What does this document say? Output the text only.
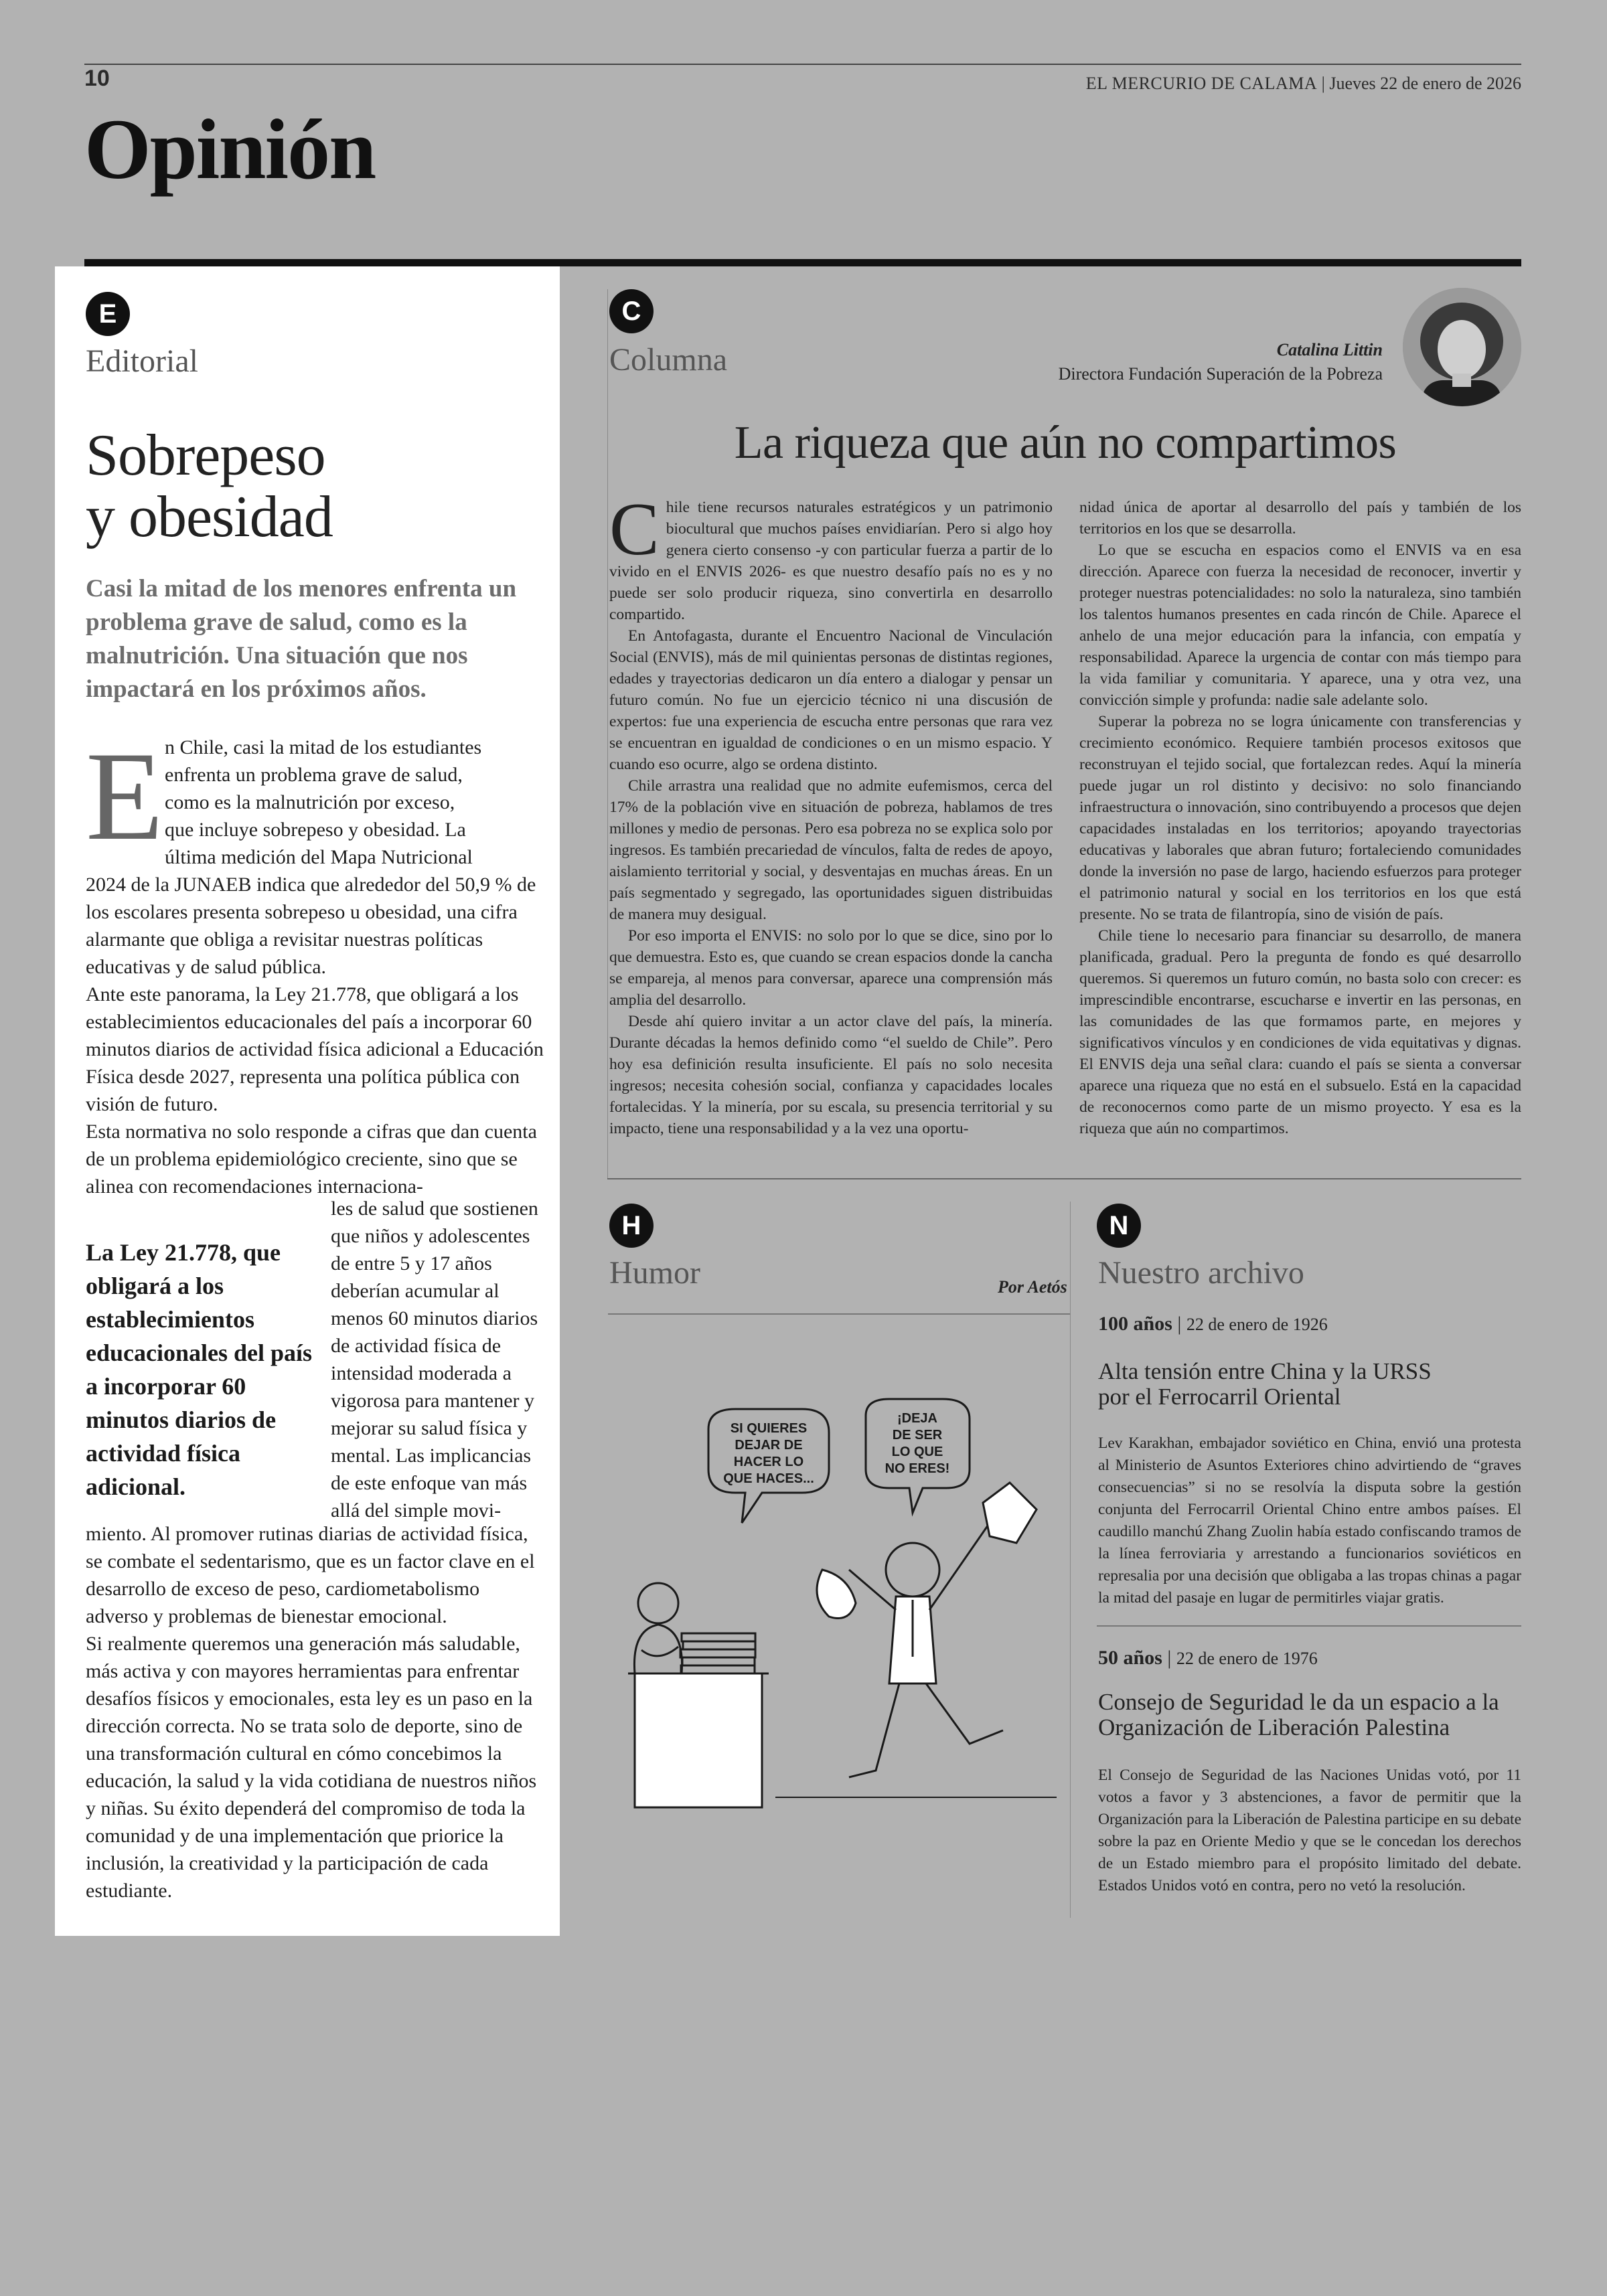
10	EL MERCURIO DE CALAMA | Jueves 22 de enero de 2026
Opinión
E
Editorial
Sobrepeso
y obesidad
Casi la mitad de los menores enfrenta un problema grave de salud, como es la malnutrición. Una situación que nos impactará en los próximos años.
E n Chile, casi la mitad de los estudiantes
enfrenta un problema grave de salud,
como es la malnutrición por exceso,
que incluye sobrepeso y obesidad. La
última medición del Mapa Nutricional

2024 de la JUNAEB indica que alrededor del 50,9 % de los escolares presenta sobrepeso u obesidad, una cifra alarmante que obliga a revisitar nuestras políticas educativas y de salud pública.

Ante este panorama, la Ley 21.778, que obligará a los establecimientos educacionales del país a incorporar 60 minutos diarios de actividad física adicional a Educación Física desde 2027, representa una política pública con visión de futuro.

Esta normativa no solo responde a cifras que dan cuenta de un problema epidemiológico creciente, sino que se alinea con recomendaciones internaciona-

La Ley 21.778, que obligará a los establecimientos educacionales del país a incorporar 60 minutos diarios de actividad física adicional.
les de salud que sostienen que niños y adolescentes de entre 5 y 17 años deberían acumular al menos 60 minutos diarios de actividad física de intensidad moderada a vigorosa para mantener y mejorar su salud física y mental. Las implicancias de este enfoque van más allá del simple movi-

miento. Al promover rutinas diarias de actividad física, se combate el sedentarismo, que es un factor clave en el desarrollo de exceso de peso, cardiometabolismo adverso y problemas de bienestar emocional.

Si realmente queremos una generación más saludable, más activa y con mayores herramientas para enfrentar desafíos físicos y emocionales, esta ley es un paso en la dirección correcta. No se trata solo de deporte, sino de una transformación cultural en cómo concebimos la educación, la salud y la vida cotidiana de nuestros niños y niñas. Su éxito dependerá del compromiso de toda la comunidad y de una implementación que priorice la inclusión, la creatividad y la participación de cada estudiante.

C
Columna	Catalina Littin
Directora Fundación Superación de la Pobreza
La riqueza que aún no compartimos

Chile tiene recursos naturales estratégicos y un patrimonio biocultural que muchos países envidiarían. Pero si algo hoy genera cierto consenso -y con particular fuerza a partir de lo vivido en el ENVIS 2026- es que nuestro desafío país no es y no puede ser solo producir riqueza, sino convertirla en desarrollo compartido.

En Antofagasta, durante el Encuentro Nacional de Vinculación Social (ENVIS), más de mil quinientas personas de distintas regiones, edades y trayectorias dedicaron un día entero a dialogar y pensar un futuro común. No fue un ejercicio técnico ni una discusión de expertos: fue una experiencia de escucha entre personas que rara vez se encuentran en igualdad de condiciones o en un mismo espacio. Y cuando eso ocurre, algo se ordena distinto.

Chile arrastra una realidad que no admite eufemismos, cerca del 17% de la población vive en situación de pobreza, hablamos de tres millones y medio de personas. Pero esa pobreza no se explica solo por ingresos. Es también precariedad de vínculos, falta de redes de apoyo, aislamiento territorial y social, y desventajas en muchas áreas. En un país segmentado y segregado, las oportunidades siguen distribuidas de manera muy desigual.

Por eso importa el ENVIS: no solo por lo que se dice, sino por lo que demuestra. Esto es, que cuando se crean espacios donde la cancha se empareja, al menos para conversar, aparece una comprensión más amplia del desarrollo.

Desde ahí quiero invitar a un actor clave del país, la minería. Durante décadas la hemos definido como “el sueldo de Chile”. Pero hoy esa definición resulta insuficiente. El país no solo necesita ingresos; necesita cohesión social, confianza y capacidades locales fortalecidas. Y la minería, por su escala, su presencia territorial y su impacto, tiene una responsabilidad y a la vez una oportu-

nidad única de aportar al desarrollo del país y también de los territorios en los que se desarrolla.

Lo que se escucha en espacios como el ENVIS va en esa dirección. Aparece con fuerza la necesidad de reconocer, invertir y proteger nuestras potencialidades: no solo la naturaleza, sino también los talentos humanos presentes en cada rincón de Chile. Aparece el anhelo de una mejor educación para la infancia, con empatía y responsabilidad. Aparece la urgencia de contar con más tiempo para la vida familiar y comunitaria. Y aparece, una y otra vez, una convicción simple y profunda: nadie sale adelante solo.

Superar la pobreza no se logra únicamente con transferencias y crecimiento económico. Requiere también procesos exitosos que reconstruyan el tejido social, que fortalezcan redes. Aquí la minería puede jugar un rol distinto y decisivo: no solo financiando infraestructura o innovación, sino contribuyendo a procesos que dejen capacidades instaladas en los territorios; apoyando trayectorias educativas y laborales que abran futuro; fortaleciendo comunidades donde la inversión no pase de largo, haciendo esfuerzos para proteger el patrimonio natural y social en los territorios en los que está presente. No se trata de filantropía, sino de visión de país.

Chile tiene lo necesario para financiar su desarrollo, de manera planificada, gradual. Pero la pregunta de fondo es qué desarrollo queremos. Si queremos un futuro común, no basta solo con crecer: es imprescindible encontrarse, escucharse e invertir en las personas, en las comunidades de las que formamos parte, en mejores y significativos vínculos y en condiciones de vida equitativas y dignas. El ENVIS deja una señal clara: cuando el país se sienta a conversar aparece una riqueza que no está en el subsuelo. Está en la capacidad de reconocernos como parte de un mismo proyecto. Y esa es la riqueza que aún no compartimos.

H
Humor	Por Aetós
SI QUIERES
DEJAR DE
HACER LO
QUE HACES...
¡DEJA
DE SER
LO QUE
NO ERES!
N
Nuestro archivo
100 años | 22 de enero de 1926
Alta tensión entre China y la URSS
por el Ferrocarril Oriental
Lev Karakhan, embajador soviético en China, envió una protesta al Ministerio de Asuntos Exteriores chino advirtiendo de “graves consecuencias” si no se resolvía la disputa sobre la gestión conjunta del Ferrocarril Oriental Chino entre ambos países. El caudillo manchú Zhang Zuolin había estado confiscando tramos de la línea ferroviaria y arrestando a funcionarios soviéticos en represalia por una decisión que obligaba a las tropas chinas a pagar la mitad del pasaje en lugar de permitirles viajar gratis.
50 años | 22 de enero de 1976
Consejo de Seguridad le da un espacio a la
Organización de Liberación Palestina
El Consejo de Seguridad de las Naciones Unidas votó, por 11 votos a favor y 3 abstenciones, a favor de permitir que la Organización para la Liberación de Palestina participe en su debate sobre la paz en Oriente Medio y que se le concedan los derechos de un Estado miembro para el propósito limitado del debate. Estados Unidos votó en contra, pero no vetó la resolución.
